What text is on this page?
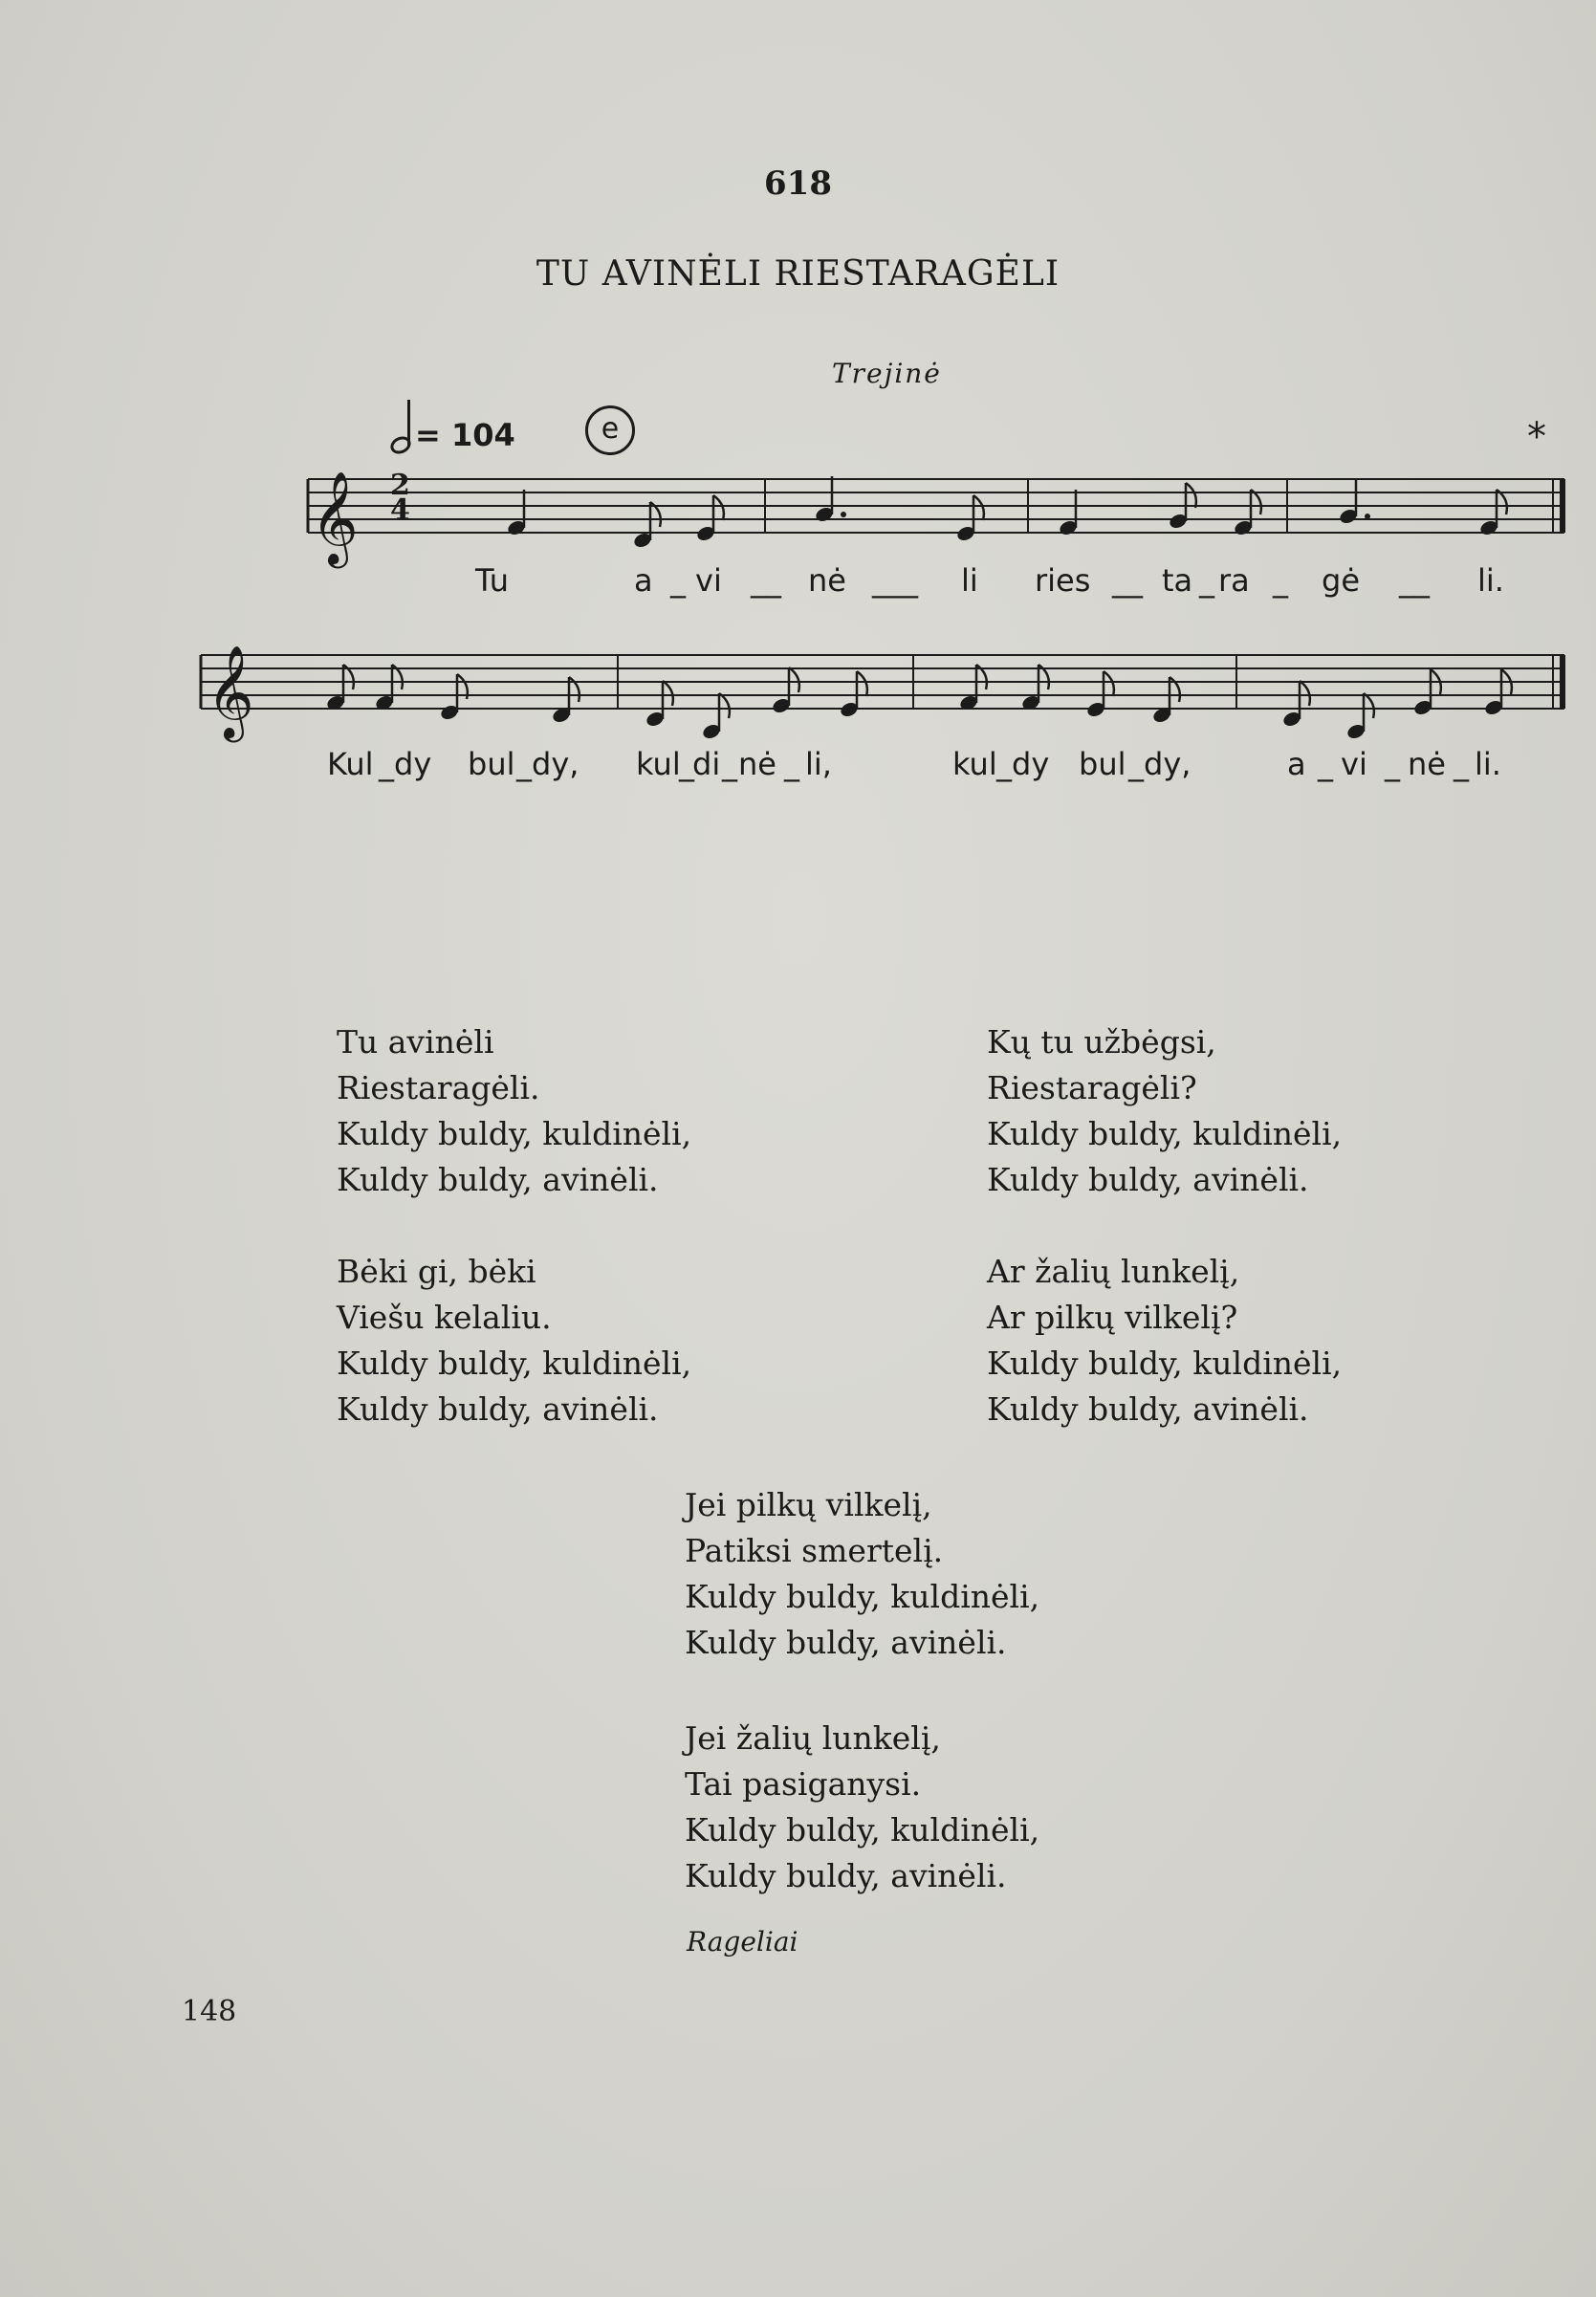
618
TU AVINĖLI RIESTARAGĖLI
Trejinė
= 104	e	*
𝄞
𝄞
2
4
Tu	a _ vi __ nė ___ li ries __ ta _ ra _ gė __ li.
Kul _ dy bul _ dy, kul
_
di _ nė _ li,	kul _ dy bul _ dy,	a _ vi _ nė _ li.
Tu avinėli
Riestaragėli.
Kuldy buldy, kuldinėli,
Kuldy buldy, avinėli.
Kų tu užbėgsi,
Riestaragėli?
Kuldy buldy, kuldinėli,
Kuldy buldy, avinėli.
Bėki gi, bėki
Viešu kelaliu.
Kuldy buldy, kuldinėli,
Kuldy buldy, avinėli.
Ar žalių lunkelį,
Ar pilkų vilkelį?
Kuldy buldy, kuldinėli,
Kuldy buldy, avinėli.
Jei pilkų vilkelį,
Patiksi smertelį.
Kuldy buldy, kuldinėli,
Kuldy buldy, avinėli.
Jei žalių lunkelį,
Tai pasiganysi.
Kuldy buldy, kuldinėli,
Kuldy buldy, avinėli.
Rageliai
148
